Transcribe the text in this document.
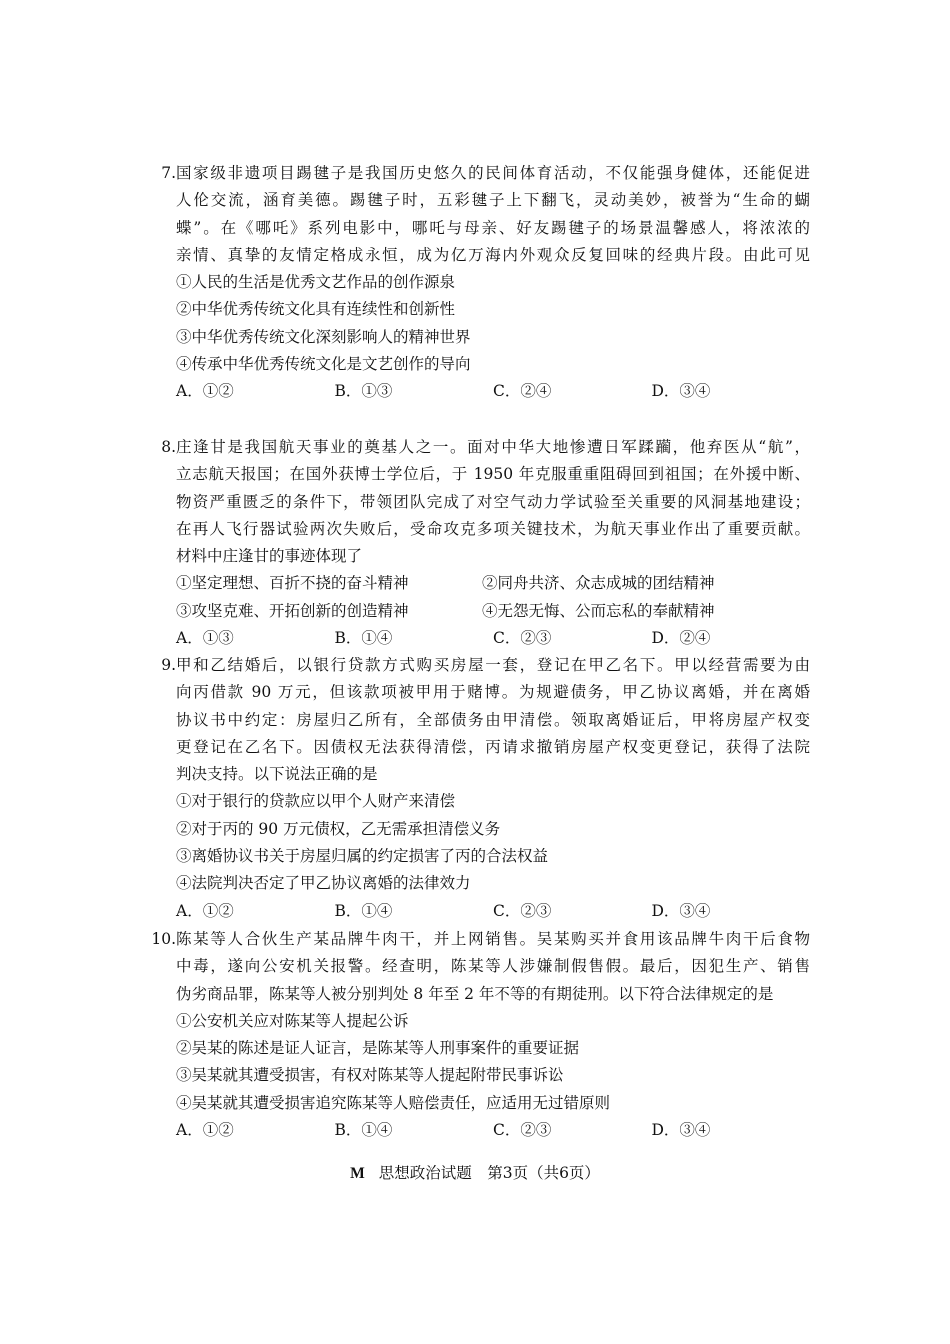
7. 国家级非遗项目踢毽子是我国历史悠久的民间体育活动，不仅能强身健体，还能促进
人伦交流，涵育美德。踢毽子时，五彩毽子上下翻飞，灵动美妙，被誉为“生命的蝴
蝶”。在《哪吒》系列电影中，哪吒与母亲、好友踢毽子的场景温馨感人，将浓浓的
亲情、真挚的友情定格成永恒，成为亿万海内外观众反复回味的经典片段。由此可见
①人民的生活是优秀文艺作品的创作源泉
②中华优秀传统文化具有连续性和创新性
③中华优秀传统文化深刻影响人的精神世界
④传承中华优秀传统文化是文艺创作的导向
A．①②	B．①③	C．②④	D．③④
8. 庄逢甘是我国航天事业的奠基人之一。面对中华大地惨遭日军蹂躏，他弃医从“航”，
立志航天报国；在国外获博士学位后，于 1950 年克服重重阻碍回到祖国；在外援中断、
物资严重匮乏的条件下，带领团队完成了对空气动力学试验至关重要的风洞基地建设；
在再人飞行器试验两次失败后，受命攻克多项关键技术，为航天事业作出了重要贡献。
材料中庄逢甘的事迹体现了
①坚定理想、百折不挠的奋斗精神	②同舟共济、众志成城的团结精神
③攻坚克难、开拓创新的创造精神	④无怨无悔、公而忘私的奉献精神
A．①③	B．①④	C．②③	D．②④
9. 甲和乙结婚后，以银行贷款方式购买房屋一套，登记在甲乙名下。甲以经营需要为由
向丙借款 90 万元，但该款项被甲用于赌博。为规避债务，甲乙协议离婚，并在离婚
协议书中约定：房屋归乙所有，全部债务由甲清偿。领取离婚证后，甲将房屋产权变
更登记在乙名下。因债权无法获得清偿，丙请求撤销房屋产权变更登记，获得了法院
判决支持。以下说法正确的是
①对于银行的贷款应以甲个人财产来清偿
②对于丙的 90 万元债权，乙无需承担清偿义务
③离婚协议书关于房屋归属的约定损害了丙的合法权益
④法院判决否定了甲乙协议离婚的法律效力
A．①②	B．①④	C．②③	D．③④
10. 陈某等人合伙生产某品牌牛肉干，并上网销售。吴某购买并食用该品牌牛肉干后食物
中毒，遂向公安机关报警。经查明，陈某等人涉嫌制假售假。最后，因犯生产、销售
伪劣商品罪，陈某等人被分别判处 8 年至 2 年不等的有期徒刑。以下符合法律规定的是
①公安机关应对陈某等人提起公诉
②吴某的陈述是证人证言，是陈某等人刑事案件的重要证据
③吴某就其遭受损害，有权对陈某等人提起附带民事诉讼
④吴某就其遭受损害追究陈某等人赔偿责任，应适用无过错原则
A．①②	B．①④	C．②③	D．③④
M 思想政治试题　第3页（共6页）
